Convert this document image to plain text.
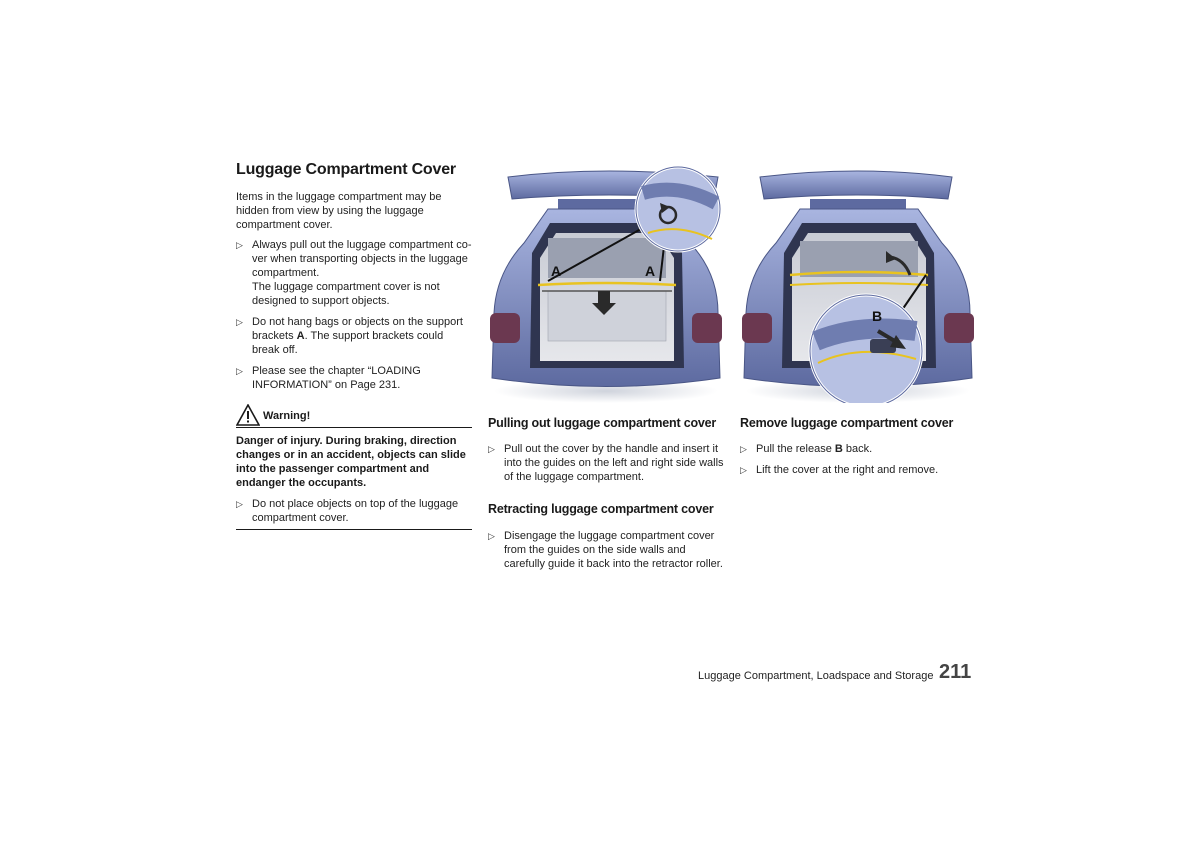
Luggage Compartment Cover
Items in the luggage compartment may be hidden from view by using the luggage compartment cover.
▷ Always pull out the luggage compartment co-ver when transporting objects in the luggage compartment.
The luggage compartment cover is not designed to support objects.
▷ Do not hang bags or objects on the support brackets A. The support brackets could break off.
▷ Please see the chapter “LOADING INFORMATION” on Page 231.
Warning!
Danger of injury. During braking, direction changes or in an accident, objects can slide into the passenger compartment and endanger the occupants.
▷ Do not place objects on top of the luggage compartment cover.
O71-073
A	A
O71-075
B
Pulling out luggage compartment cover
▷ Pull out the cover by the handle and insert it into the guides on the left and right side walls of the luggage compartment.
Retracting luggage compartment cover
▷ Disengage the luggage compartment cover from the guides on the side walls and carefully guide it back into the retractor roller.
Remove luggage compartment cover
▷ Pull the release B back.
▷ Lift the cover at the right and remove.
Luggage Compartment, Loadspace and Storage 211
